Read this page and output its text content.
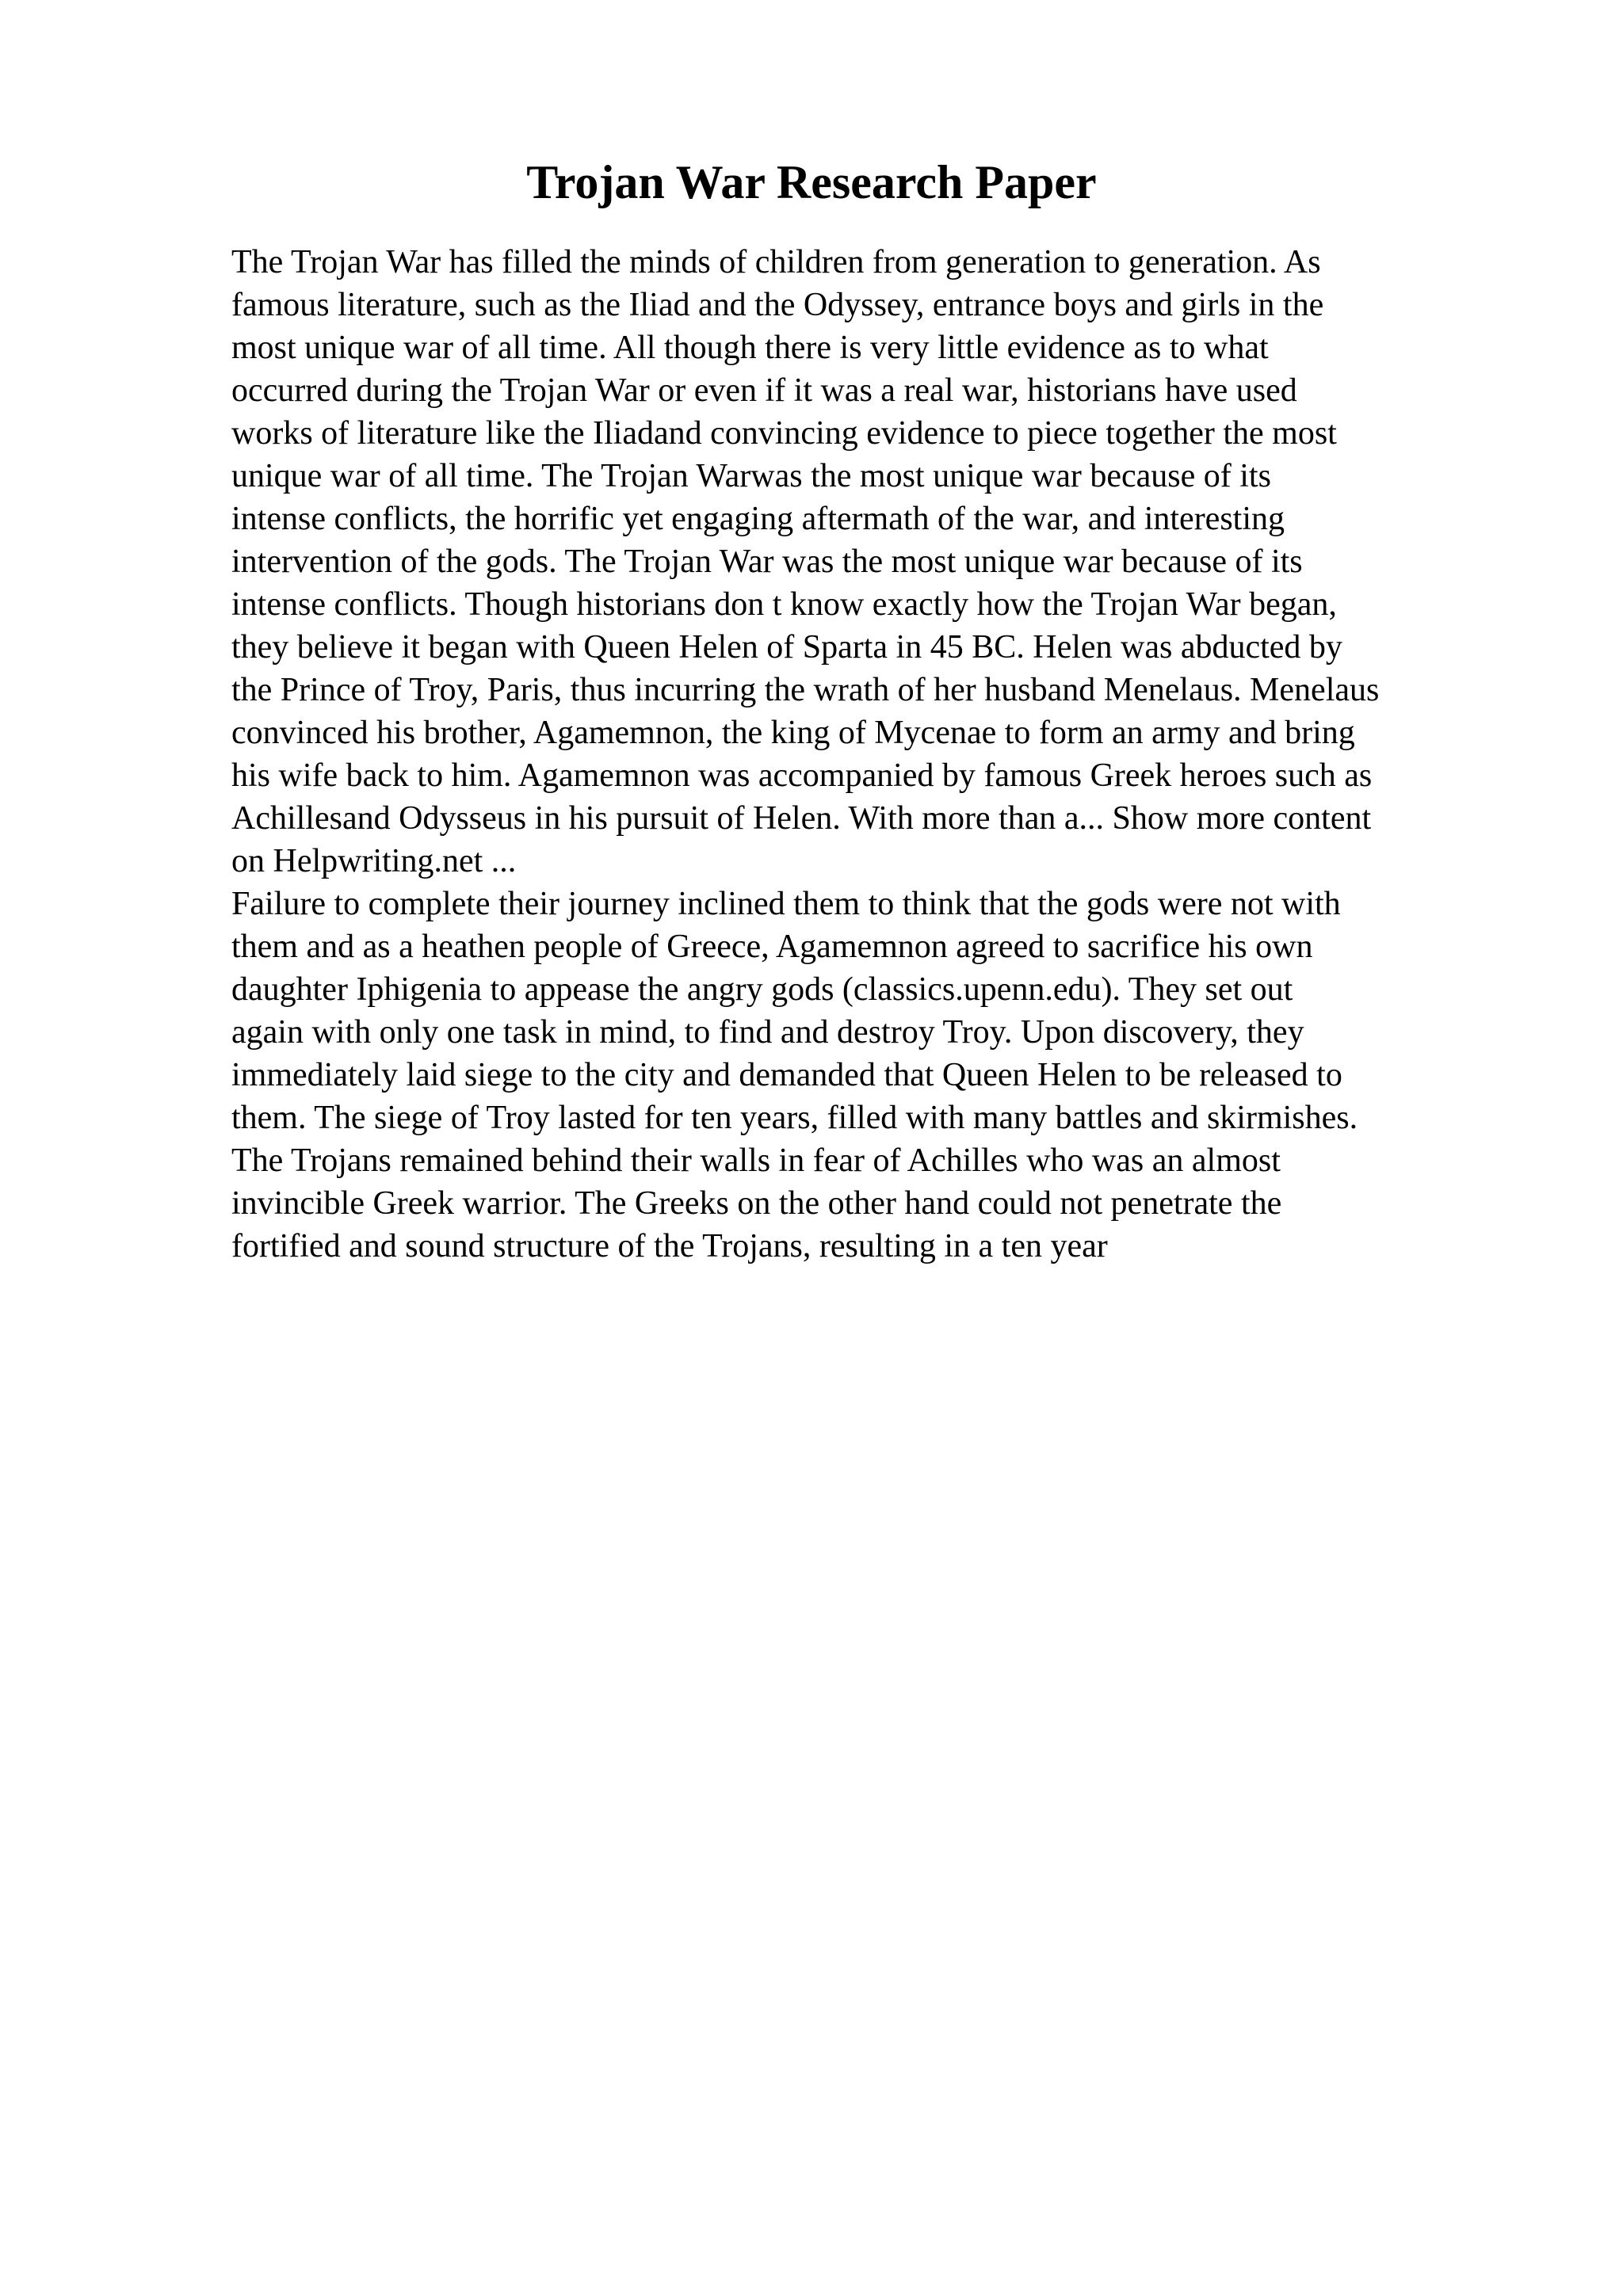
Trojan War Research Paper
The Trojan War has filled the minds of children from generation to generation. As
famous literature, such as the Iliad and the Odyssey, entrance boys and girls in the
most unique war of all time. All though there is very little evidence as to what
occurred during the Trojan War or even if it was a real war, historians have used
works of literature like the Iliadand convincing evidence to piece together the most
unique war of all time. The Trojan Warwas the most unique war because of its
intense conflicts, the horrific yet engaging aftermath of the war, and interesting
intervention of the gods. The Trojan War was the most unique war because of its
intense conflicts. Though historians don t know exactly how the Trojan War began,
they believe it began with Queen Helen of Sparta in 45 BC. Helen was abducted by
the Prince of Troy, Paris, thus incurring the wrath of her husband Menelaus. Menelaus
convinced his brother, Agamemnon, the king of Mycenae to form an army and bring
his wife back to him. Agamemnon was accompanied by famous Greek heroes such as
Achillesand Odysseus in his pursuit of Helen. With more than a... Show more content
on Helpwriting.net ...
Failure to complete their journey inclined them to think that the gods were not with
them and as a heathen people of Greece, Agamemnon agreed to sacrifice his own
daughter Iphigenia to appease the angry gods (classics.upenn.edu). They set out
again with only one task in mind, to find and destroy Troy. Upon discovery, they
immediately laid siege to the city and demanded that Queen Helen to be released to
them. The siege of Troy lasted for ten years, filled with many battles and skirmishes.
The Trojans remained behind their walls in fear of Achilles who was an almost
invincible Greek warrior. The Greeks on the other hand could not penetrate the
fortified and sound structure of the Trojans, resulting in a ten year
